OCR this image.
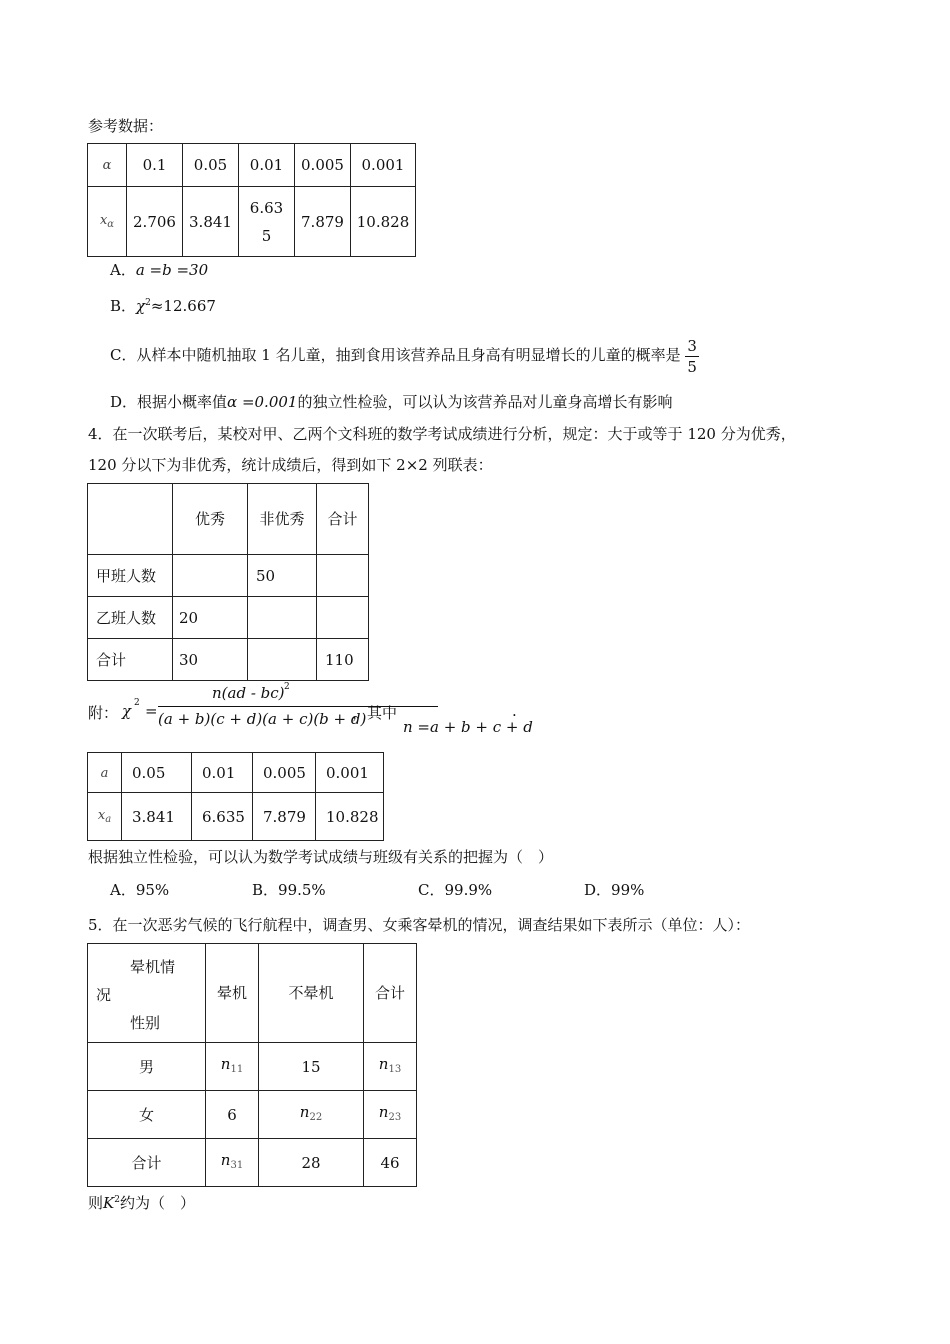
参考数据：
α	0.1	0.05	0.01	0.005	0.001
$x_\alpha$	2.706	3.841	6.635	7.879	10.828
A．a =b =30
B．$\chi^2\approx 12.667$
C．从样本中随机抽取 1 名儿童，抽到食用该营养品且身高有明显增长的儿童的概率是 $\frac{3}{5}$
D．根据小概率值α =0.001的独立性检验，可以认为该营养品对儿童身高增长有影响
4．在一次联考后，某校对甲、乙两个文科班的数学考试成绩进行分析，规定：大于或等于 120 分为优秀，
120 分以下为非优秀，统计成绩后，得到如下 2×2 列联表：
	优秀	非优秀	合计
甲班人数		50	
乙班人数	20		
合计	30		110
附： χ 2 =
n(ad - bc) 2
(a + b)(c + d)(a + c)(b + d)
，其中
n =a + b + c + d
.
a	0.05	0.01	0.005	0.001
$x_a$	3.841	6.635	7.879	10.828
根据独立性检验，可以认为数学考试成绩与班级有关系的把握为（　）
A．95%	B．99.5%	C．99.9%	D．99%
5．在一次恶劣气候的飞行航程中，调查男、女乘客晕机的情况，调查结果如下表所示（单位：人）：
晕机情
况
性别	晕机	不晕机	合计
男	$n_{11}$	15	$n_{13}$
女	6	$n_{22}$	$n_{23}$
合计	$n_{31}$	28	46
则$K^2$约为（　）
